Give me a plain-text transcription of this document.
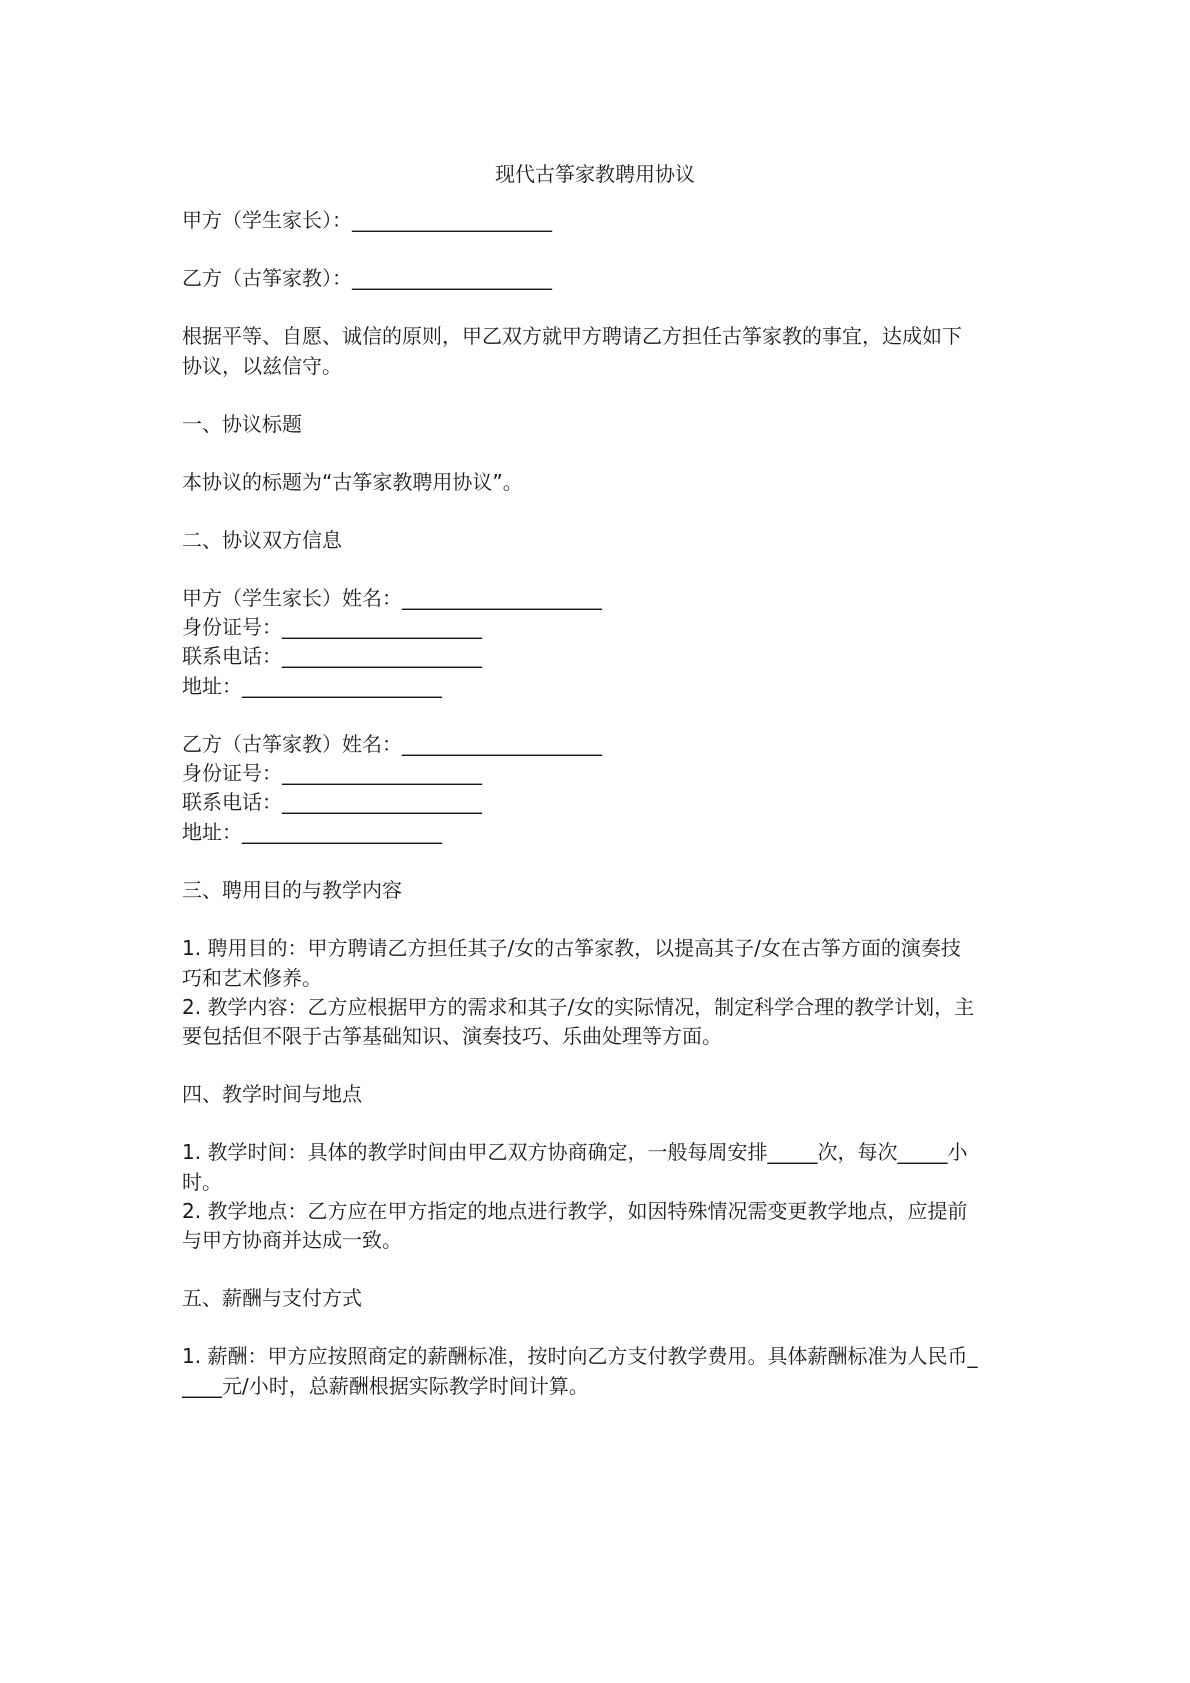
现代古筝家教聘用协议
甲方（学生家长）：____________________
乙方（古筝家教）：____________________
根据平等、自愿、诚信的原则，甲乙双方就甲方聘请乙方担任古筝家教的事宜，达成如下
协议，以兹信守。
一、协议标题
本协议的标题为“古筝家教聘用协议”。
二、协议双方信息
甲方（学生家长）姓名：____________________
身份证号：____________________
联系电话：____________________
地址：____________________
乙方（古筝家教）姓名：____________________
身份证号：____________________
联系电话：____________________
地址：____________________
三、聘用目的与教学内容
1. 聘用目的：甲方聘请乙方担任其子/女的古筝家教，以提高其子/女在古筝方面的演奏技
巧和艺术修养。
2. 教学内容：乙方应根据甲方的需求和其子/女的实际情况，制定科学合理的教学计划，主
要包括但不限于古筝基础知识、演奏技巧、乐曲处理等方面。
四、教学时间与地点
1. 教学时间：具体的教学时间由甲乙双方协商确定，一般每周安排_____次，每次_____小
时。
2. 教学地点：乙方应在甲方指定的地点进行教学，如因特殊情况需变更教学地点，应提前
与甲方协商并达成一致。
五、薪酬与支付方式
1. 薪酬：甲方应按照商定的薪酬标准，按时向乙方支付教学费用。具体薪酬标准为人民币_
____元/小时，总薪酬根据实际教学时间计算。
